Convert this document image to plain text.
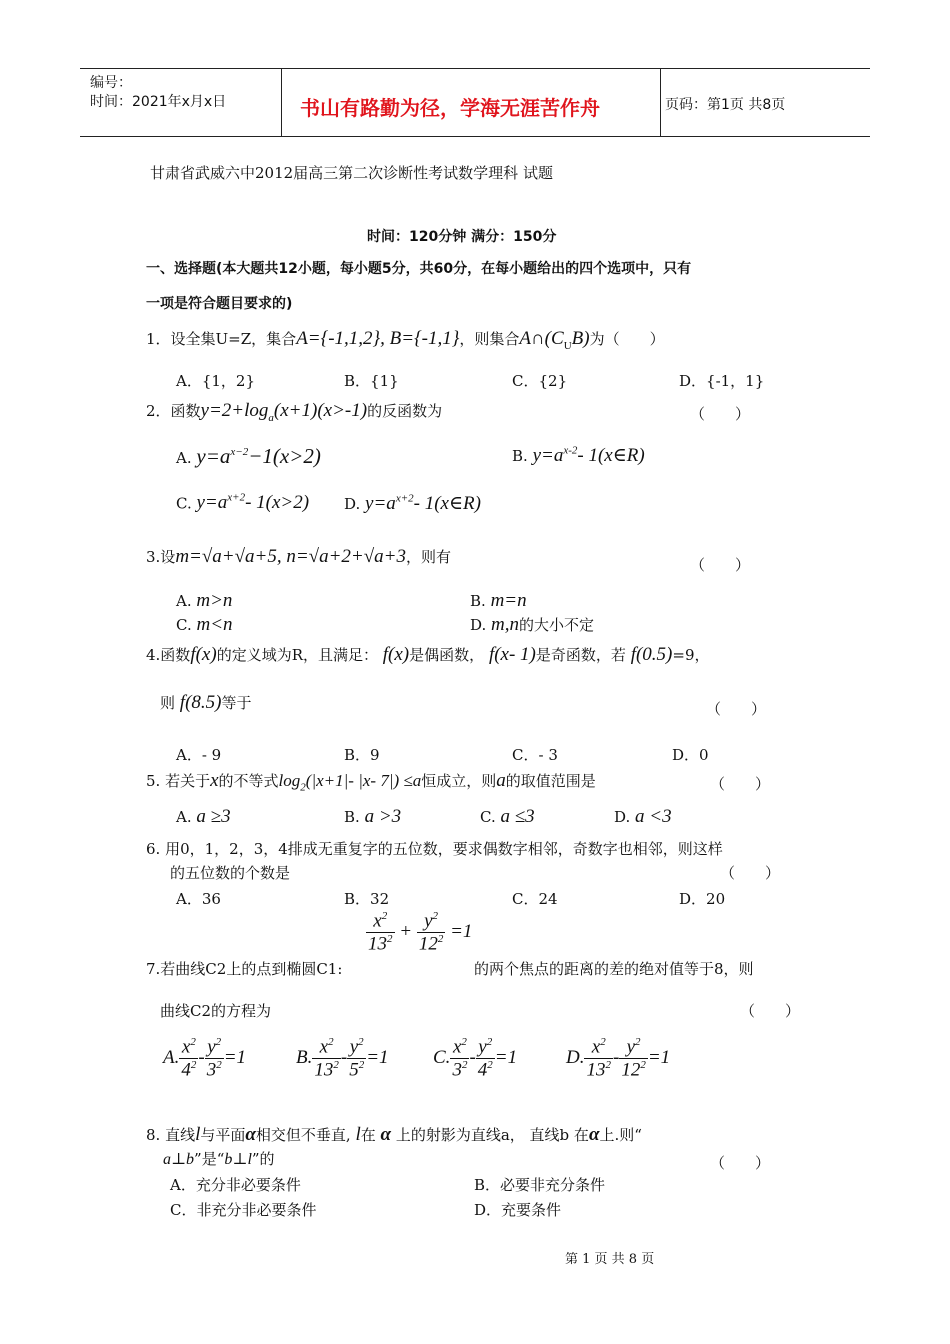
编号：
时间：2021年x月x日	书山有路勤为径，学海无涯苦作舟	页码：第1页 共8页
甘肃省武威六中2012届高三第二次诊断性考试数学理科 试题
时间：120分钟 满分：150分
一、选择题(本大题共12小题，每小题5分，共60分，在每小题给出的四个选项中，只有
一项是符合题目要求的)
1．设全集U=Z，集合A={-1,1,2}, B={-1,1}，则集合$A\cap(C_UB)$为（　　）
A．{1，2}	B．{1}	C．{2}	D．{-1，1}
2．函数$y=2+\log_a(x+1)(x>-1)$的反函数为	（　　）
A. $y=a^{x-2}-1(x>2)$	B. $y=a^{x-2}-$ 1(x∈R)
C. $y=a^{x+2}-$ 1(x>2) D. $y=a^{x+2}-$ 1(x∈R)
3.设m=√a+√a+5, n=√a+2+√a+3，则有	（　　）
A. m>n	B. m=n
C. m<n	D. m,n的大小不定
4.函数f(x)的定义域为R，且满足： f(x)是偶函数， f(x- 1)是奇函数，若 f(0.5)=9，
则 f(8.5)等于	（　　）
A．- 9	B．9	C．- 3	D．0
5. 若关于x的不等式$\log_2(|x+1|-$ |x- 7|) ≤a恒成立，则a的取值范围是	（　　）
A. a ≥3	B. a >3	C. a ≤3	D. a <3
6. 用0，1，2，3，4排成无重复字的五位数，要求偶数字相邻，奇数字也相邻，则这样
的五位数的个数是	（　　）
A．36	B．32	C．24	D．20
$\frac{x^2}{13^2} + \frac{y^2}{12^2} =1$
7.若曲线C2上的点到椭圆C1:	的两个焦点的距离的差的绝对值等于8，则
曲线C2的方程为	（　　）
A. $\frac{x^2}{4^2} - \frac{y^2}{3^2} =1$	B. $\frac{x^2}{13^2} - \frac{y^2}{5^2} =1$ C. $\frac{x^2}{3^2} - \frac{y^2}{4^2} =1$	D. $\frac{x^2}{13^2} - \frac{y^2}{12^2} =1$
8. 直线l与平面α相交但不垂直, l在 α 上的射影为直线a， 直线b 在α上.则“
a⊥b”是“b⊥l”的	（　　）
A．充分非必要条件	B．必要非充分条件
C．非充分非必要条件	D．充要条件
第 1 页 共 8 页
